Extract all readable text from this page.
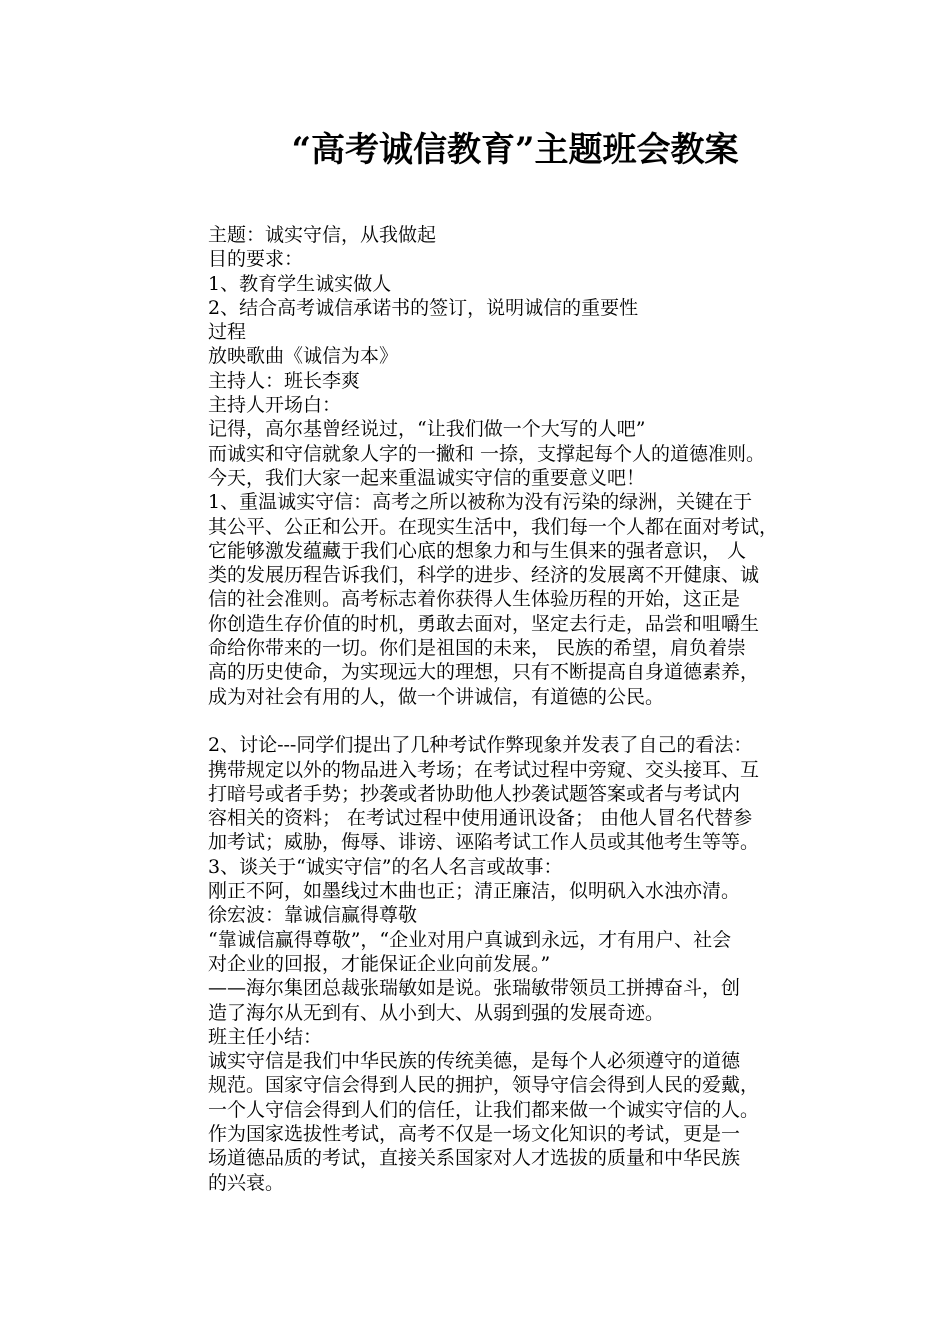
“高考诚信教育”主题班会教案
主题：诚实守信，从我做起
目的要求：
1、教育学生诚实做人
2、结合高考诚信承诺书的签订，说明诚信的重要性
过程
放映歌曲《诚信为本》
主持人：班长李爽
主持人开场白：
记得，高尔基曾经说过，“让我们做一个大写的人吧”
而诚实和守信就象人字的一撇和 一捺，支撑起每个人的道德准则。
今天，我们大家一起来重温诚实守信的重要意义吧！
1、重温诚实守信：高考之所以被称为没有污染的绿洲，关键在于
其公平、公正和公开。在现实生活中，我们每一个人都在面对考试，
它能够激发蕴藏于我们心底的想象力和与生俱来的强者意识， 人
类的发展历程告诉我们，科学的进步、经济的发展离不开健康、诚
信的社会准则。高考标志着你获得人生体验历程的开始，这正是
你创造生存价值的时机，勇敢去面对，坚定去行走，品尝和咀嚼生
命给你带来的一切。你们是祖国的未来， 民族的希望，肩负着崇
高的历史使命，为实现远大的理想，只有不断提高自身道德素养，
成为对社会有用的人，做一个讲诚信，有道德的公民。
2、讨论---同学们提出了几种考试作弊现象并发表了自己的看法：
携带规定以外的物品进入考场；在考试过程中旁窥、交头接耳、互
打暗号或者手势；抄袭或者协助他人抄袭试题答案或者与考试内
容相关的资料； 在考试过程中使用通讯设备； 由他人冒名代替参
加考试；威胁，侮辱、诽谤、诬陷考试工作人员或其他考生等等。
3、谈关于“诚实守信”的名人名言或故事：
刚正不阿，如墨线过木曲也正；清正廉洁，似明矾入水浊亦清。
徐宏波：靠诚信赢得尊敬
“靠诚信赢得尊敬”，“企业对用户真诚到永远，才有用户、社会
对企业的回报，才能保证企业向前发展。”
——海尔集团总裁张瑞敏如是说。张瑞敏带领员工拼搏奋斗，创
造了海尔从无到有、从小到大、从弱到强的发展奇迹。
班主任小结：
诚实守信是我们中华民族的传统美德，是每个人必须遵守的道德
规范。国家守信会得到人民的拥护，领导守信会得到人民的爱戴，
一个人守信会得到人们的信任，让我们都来做一个诚实守信的人。
作为国家选拔性考试，高考不仅是一场文化知识的考试，更是一
场道德品质的考试，直接关系国家对人才选拔的质量和中华民族
的兴衰。
